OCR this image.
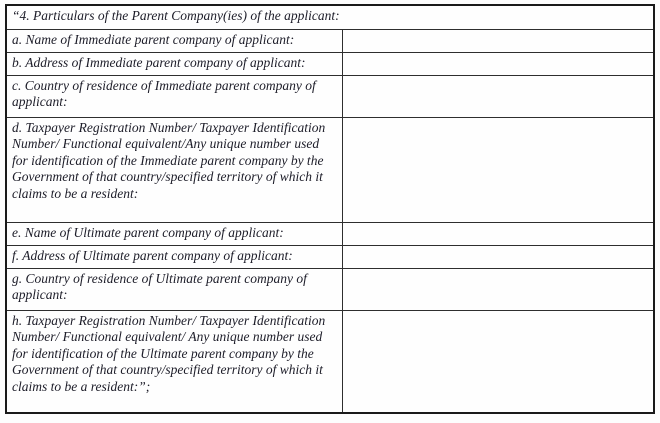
“4. Particulars of the Parent Company(ies) of the applicant:	
a. Name of Immediate parent company of applicant:	
b. Address of Immediate parent company of applicant:	
c. Country of residence of Immediate parent company of applicant:	
d. Taxpayer Registration Number/ Taxpayer Identification Number/ Functional equivalent/Any unique number used for identification of the Immediate parent company by the Government of that country/specified territory of which it claims to be a resident:	
e. Name of Ultimate parent company of applicant:	
f. Address of Ultimate parent company of applicant:	
g. Country of residence of Ultimate parent company of applicant:	
h. Taxpayer Registration Number/ Taxpayer Identification Number/ Functional equivalent/ Any unique number used for identification of the Ultimate parent company by the Government of that country/specified territory of which it claims to be a resident:”;	
